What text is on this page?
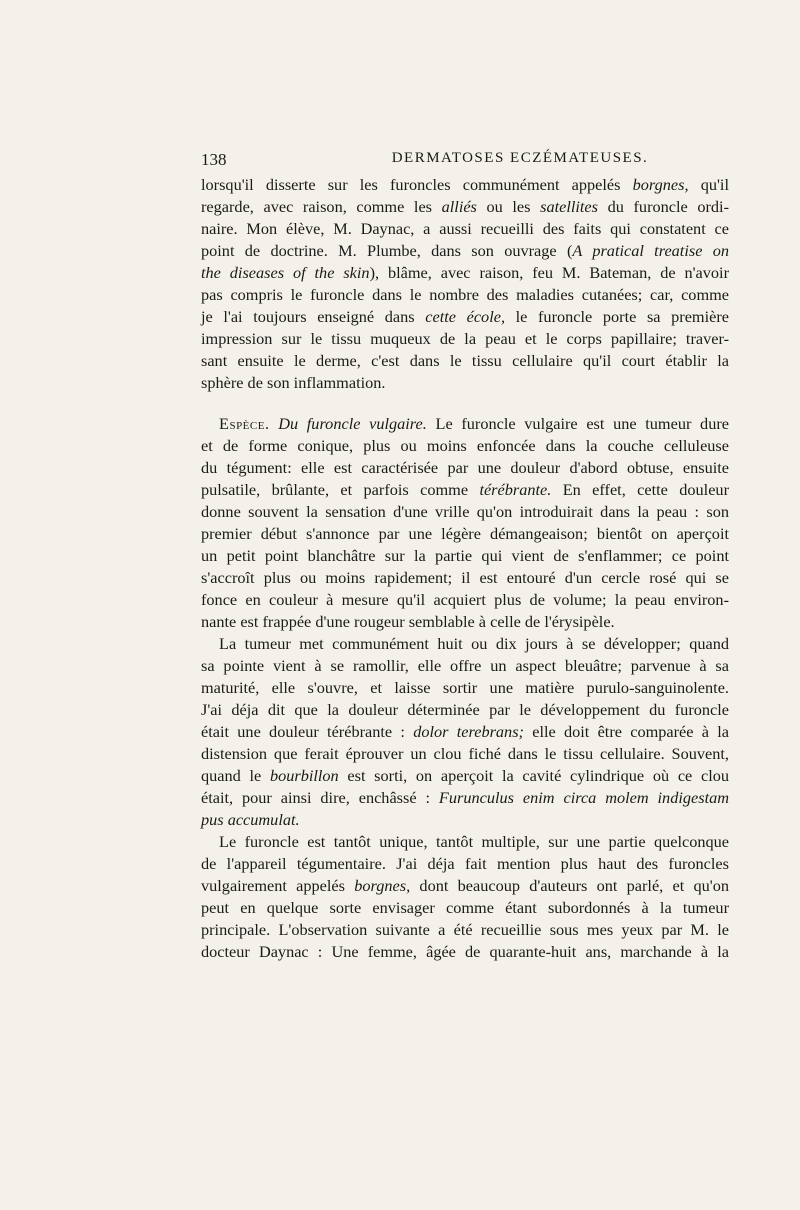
138	DERMATOSES ECZÉMATEUSES.
lorsqu'il disserte sur les furoncles communément appelés borgnes, qu'il
regarde, avec raison, comme les alliés ou les satellites du furoncle ordi-
naire. Mon élève, M. Daynac, a aussi recueilli des faits qui constatent ce
point de doctrine. M. Plumbe, dans son ouvrage (A pratical treatise on
the diseases of the skin), blâme, avec raison, feu M. Bateman, de n'avoir
pas compris le furoncle dans le nombre des maladies cutanées; car, comme
je l'ai toujours enseigné dans cette école, le furoncle porte sa première
impression sur le tissu muqueux de la peau et le corps papillaire; traver-
sant ensuite le derme, c'est dans le tissu cellulaire qu'il court établir la
sphère de son inflammation.
Espèce. Du furoncle vulgaire. Le furoncle vulgaire est une tumeur dure
et de forme conique, plus ou moins enfoncée dans la couche celluleuse
du tégument: elle est caractérisée par une douleur d'abord obtuse, ensuite
pulsatile, brûlante, et parfois comme térébrante. En effet, cette douleur
donne souvent la sensation d'une vrille qu'on introduirait dans la peau : son
premier début s'annonce par une légère démangeaison; bientôt on aperçoit
un petit point blanchâtre sur la partie qui vient de s'enflammer; ce point
s'accroît plus ou moins rapidement; il est entouré d'un cercle rosé qui se
fonce en couleur à mesure qu'il acquiert plus de volume; la peau environ-
nante est frappée d'une rougeur semblable à celle de l'érysipèle.
La tumeur met communément huit ou dix jours à se développer; quand
sa pointe vient à se ramollir, elle offre un aspect bleuâtre; parvenue à sa
maturité, elle s'ouvre, et laisse sortir une matière purulo-sanguinolente.
J'ai déja dit que la douleur déterminée par le développement du furoncle
était une douleur térébrante : dolor terebrans; elle doit être comparée à la
distension que ferait éprouver un clou fiché dans le tissu cellulaire. Souvent,
quand le bourbillon est sorti, on aperçoit la cavité cylindrique où ce clou
était, pour ainsi dire, enchâssé : Furunculus enim circa molem indigestam
pus accumulat.
Le furoncle est tantôt unique, tantôt multiple, sur une partie quelconque
de l'appareil tégumentaire. J'ai déja fait mention plus haut des furoncles
vulgairement appelés borgnes, dont beaucoup d'auteurs ont parlé, et qu'on
peut en quelque sorte envisager comme étant subordonnés à la tumeur
principale. L'observation suivante a été recueillie sous mes yeux par M. le
docteur Daynac : Une femme, âgée de quarante-huit ans, marchande à la
